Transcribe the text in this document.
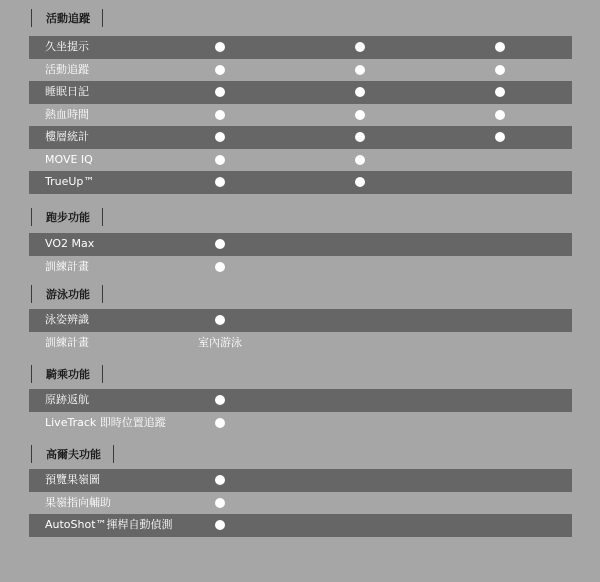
活動追蹤
久坐提示
活動追蹤
睡眠日記
熱血時間
樓層統計
MOVE IQ
TrueUp™
跑步功能
VO2 Max
訓練計畫
游泳功能
泳姿辨識
訓練計畫	室內游泳
騎乘功能
原跡返航
LiveTrack 即時位置追蹤
高爾夫功能
預覽果嶺圖
果嶺指向輔助
AutoShot™揮桿自動偵測
